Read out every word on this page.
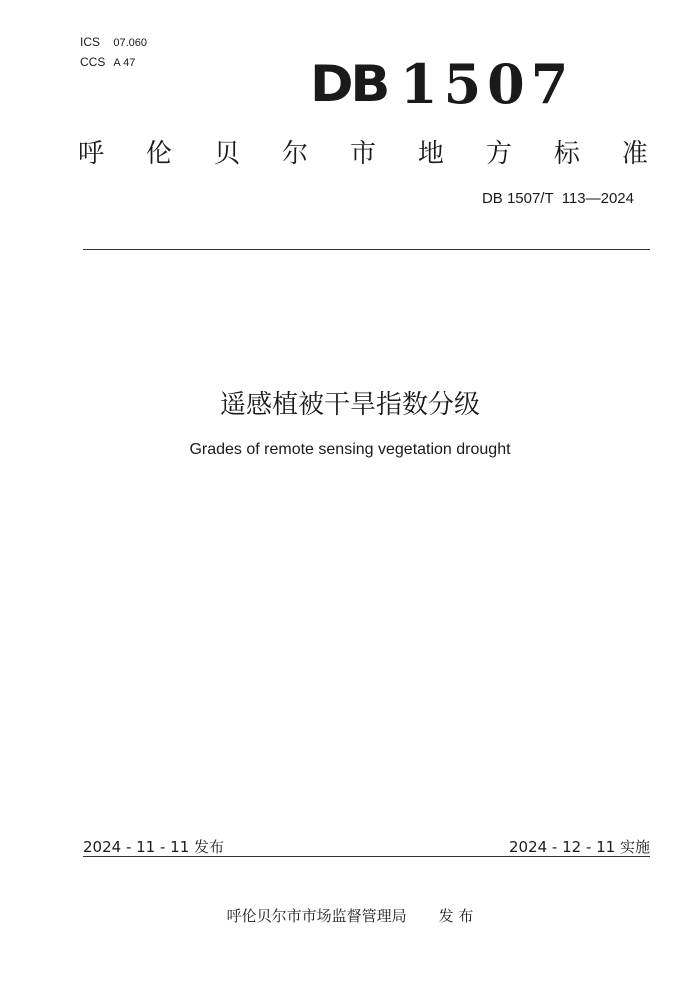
ICS 07.060
CCS A 47	DB 1507
呼 伦 贝 尔 市 地 方 标 准
DB 1507/T  113—2024
遥感植被干旱指数分级
Grades of remote sensing vegetation drought
2024 - 11 - 11 发布	2024 - 12 - 11 实施
呼伦贝尔市市场监督管理局 发 布
